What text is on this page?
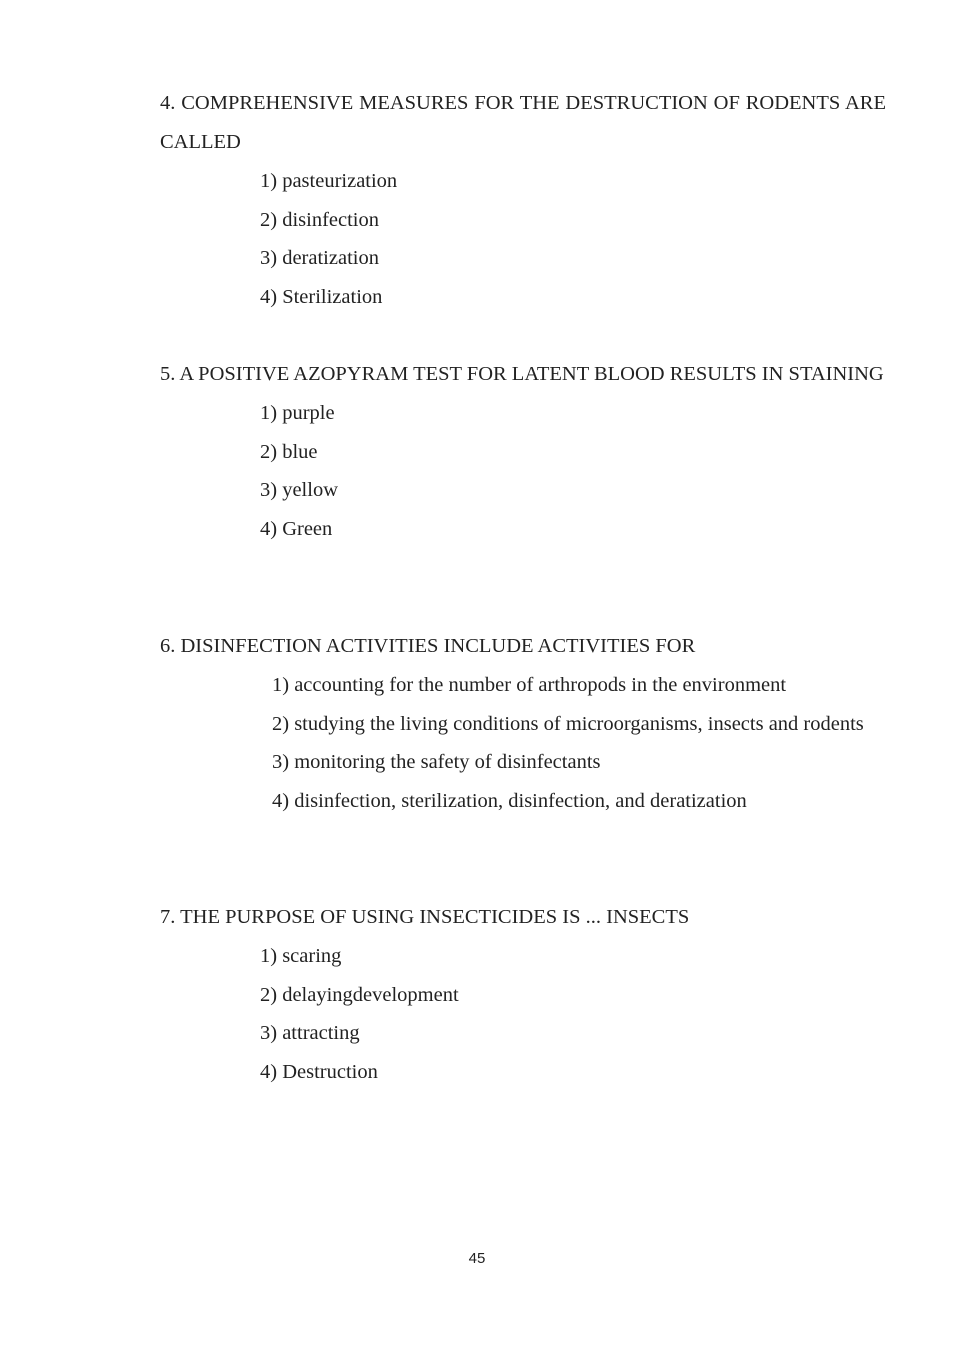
4. COMPREHENSIVE MEASURES FOR THE DESTRUCTION OF RODENTS ARE CALLED

1) pasteurization
2) disinfection
3) deratization
4) Sterilization

5. A POSITIVE AZOPYRAM TEST FOR LATENT BLOOD RESULTS IN STAINING

1) purple
2) blue
3) yellow
4) Green

6. DISINFECTION ACTIVITIES INCLUDE ACTIVITIES FOR

1) accounting for the number of arthropods in the environment
2) studying the living conditions of microorganisms, insects and rodents
3) monitoring the safety of disinfectants
4) disinfection, sterilization, disinfection, and deratization

7. THE PURPOSE OF USING INSECTICIDES IS ... INSECTS

1) scaring
2) delayingdevelopment
3) attracting
4) Destruction
45
